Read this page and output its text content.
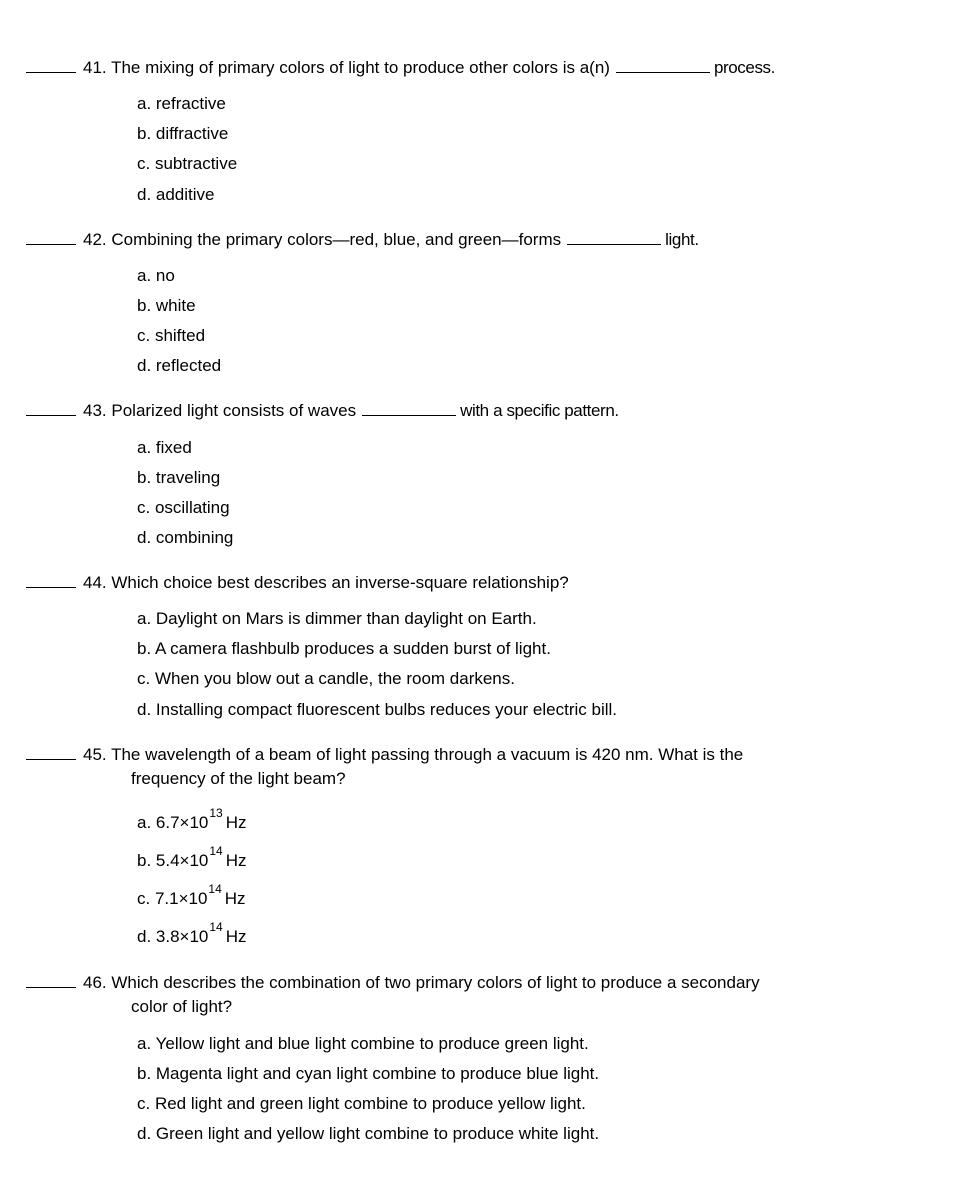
41. The mixing of primary colors of light to produce other colors is a(n)	process.
a. refractive
b. diffractive
c. subtractive
d. additive
42. Combining the primary colors—red, blue, and green—forms	light.
a. no
b. white
c. shifted
d. reflected
43. Polarized light consists of waves	with a specific pattern.
a. fixed
b. traveling
c. oscillating
d. combining
44. Which choice best describes an inverse-square relationship?
a. Daylight on Mars is dimmer than daylight on Earth.
b. A camera flashbulb produces a sudden burst of light.
c. When you blow out a candle, the room darkens.
d. Installing compact fluorescent bulbs reduces your electric bill.
45. The wavelength of a beam of light passing through a vacuum is 420 nm. What is the
frequency of the light beam?
a. $6.7\times 10^{13}$ Hz
b. $5.4\times 10^{14}$ Hz
c. $7.1\times 10^{14}$ Hz
d. $3.8\times 10^{14}$ Hz
46. Which describes the combination of two primary colors of light to produce a secondary
color of light?
a. Yellow light and blue light combine to produce green light.
b. Magenta light and cyan light combine to produce blue light.
c. Red light and green light combine to produce yellow light.
d. Green light and yellow light combine to produce white light.
